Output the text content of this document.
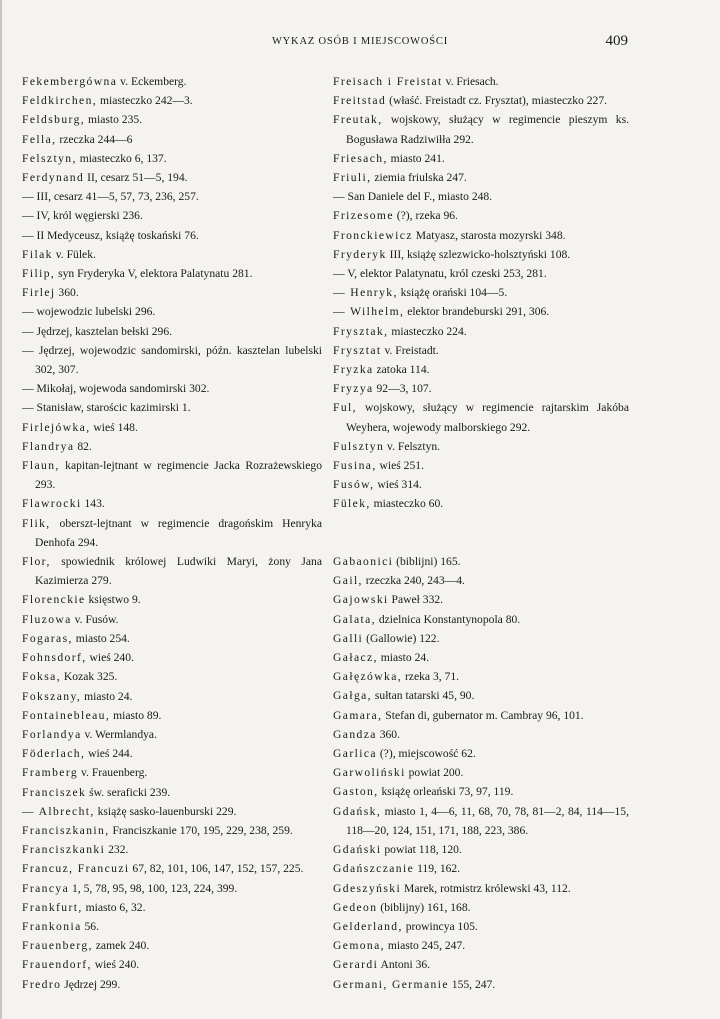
WYKAZ OSÓB I MIEJSCOWOŚCI	409

Fekembergówna v. Eckemberg.

Feldkirchen, miasteczko 242—3.

Feldsburg, miasto 235.

Fella, rzeczka 244—6

Felsztyn, miasteczko 6, 137.

Ferdynand II, cesarz 51—5, 194.

— III, cesarz 41—5, 57, 73, 236, 257.

— IV, król węgierski 236.

— II Medyceusz, książę toskański 76.

Filak v. Fülek.

Filip, syn Fryderyka V, elektora Palatynatu 281.

Firlej 360.

— wojewodzic lubelski 296.

— Jędrzej, kasztelan bełski 296.

— Jędrzej, wojewodzic sandomirski, późn. kasztelan lubelski 302, 307.

— Mikołaj, wojewoda sandomirski 302.

— Stanisław, starościc kazimirski 1.

Firlejówka, wieś 148.

Flandrya 82.

Flaun, kapitan-lejtnant w regimencie Jacka Rozrażewskiego 293.

Flawrocki 143.

Flik, oberszt-lejtnant w regimencie dragońskim Henryka Denhofa 294.

Flor, spowiednik królowej Ludwiki Maryi, żony Jana Kazimierza 279.

Florenckie księstwo 9.

Fluzowa v. Fusów.

Fogaras, miasto 254.

Fohnsdorf, wieś 240.

Foksa, Kozak 325.

Fokszany, miasto 24.

Fontainebleau, miasto 89.

Forlandya v. Wermlandya.

Föderlach, wieś 244.

Framberg v. Frauenberg.

Franciszek św. seraficki 239.

— Albrecht, książę sasko-lauenburski 229.

Franciszkanin, Franciszkanie 170, 195, 229, 238, 259.

Franciszkanki 232.

Francuz, Francuzi 67, 82, 101, 106, 147, 152, 157, 225.

Francya 1, 5, 78, 95, 98, 100, 123, 224, 399.

Frankfurt, miasto 6, 32.

Frankonia 56.

Frauenberg, zamek 240.

Frauendorf, wieś 240.

Fredro Jędrzej 299.

Freisach i Freistat v. Friesach.

Freitstad (właść. Freistadt cz. Frysztat), miasteczko 227.

Freutak, wojskowy, służący w regimencie pieszym ks. Bogusława Radziwiłła 292.

Friesach, miasto 241.

Friuli, ziemia friulska 247.

— San Daniele del F., miasto 248.

Frizesome (?), rzeka 96.

Fronckiewicz Matyasz, starosta mozyrski 348.

Fryderyk III, książę szlezwicko-holsztyński 108.

— V, elektor Palatynatu, król czeski 253, 281.

— Henryk, książę orański 104—5.

— Wilhelm, elektor brandeburski 291, 306.

Frysztak, miasteczko 224.

Frysztat v. Freistadt.

Fryzka zatoka 114.

Fryzya 92—3, 107.

Ful, wojskowy, służący w regimencie rajtarskim Jakóba Weyhera, wojewody malborskiego 292.

Fulsztyn v. Felsztyn.

Fusina, wieś 251.

Fusów, wieś 314.

Fülek, miasteczko 60.

Gabaonici (biblijni) 165.

Gail, rzeczka 240, 243—4.

Gajowski Paweł 332.

Galata, dzielnica Konstantynopola 80.

Galli (Gallowie) 122.

Gałacz, miasto 24.

Gałęzówka, rzeka 3, 71.

Gałga, sułtan tatarski 45, 90.

Gamara, Stefan di, gubernator m. Cambray 96, 101.

Gandza 360.

Garlica (?), miejscowość 62.

Garwoliński powiat 200.

Gaston, książę orleański 73, 97, 119.

Gdańsk, miasto 1, 4—6, 11, 68, 70, 78, 81—2, 84, 114—15, 118—20, 124, 151, 171, 188, 223, 386.

Gdański powiat 118, 120.

Gdańszczanie 119, 162.

Gdeszyński Marek, rotmistrz królewski 43, 112.

Gedeon (biblijny) 161, 168.

Gelderland, prowincya 105.

Gemona, miasto 245, 247.

Gerardi Antoni 36.

Germani, Germanie 155, 247.
